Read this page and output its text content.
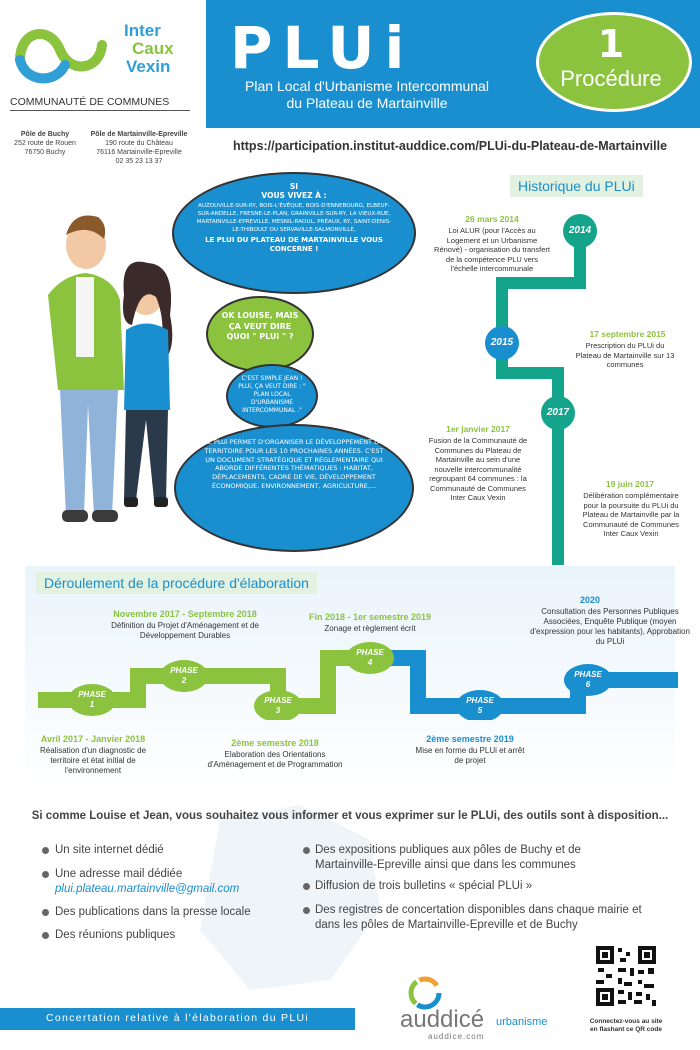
Inter
Caux
Vexin
COMMUNAUTÉ DE COMMUNES
Pôle de Buchy
252 route de Rouen
76750 Buchy
Pôle de Martainville-Epreville
190 route du Château
76116 Martainville-Epreville
02 35 23 13 37
PLUi
Plan Local d'Urbanisme Intercommunal
du Plateau de Martainville
1
Procédure
https://participation.institut-auddice.com/PLUi-du-Plateau-de-Martainville
SI
VOUS VIVEZ À :
AUZOUVILLE-SUR-RY, BOIS-L'ÉVÊQUE, BOIS-D'ENNEBOURG, ELBEUF-SUR-ANDELLE, FRESNE-LE-PLAN, GRAINVILLE-SUR-RY, LA VIEUX-RUE, MARTAINVILLE-EPREVILLE, MESNIL-RAOUL, PRÉAUX, RY, SAINT-DENIS-LE-THIBOULT OU SERVAVILLE-SALMONVILLE,
LE PLUI DU PLATEAU DE MARTAINVILLE VOUS CONCERNE !
OK LOUISE, MAIS ÇA VEUT DIRE QUOI " PLUi " ?
C'EST SIMPLE JEAN ! PLUi, ÇA VEUT DIRE : " PLAN LOCAL D'URBANISME INTERCOMMUNAL ."
LE PLUi PERMET D'ORGANISER LE DÉVELOPPEMENT DU TERRITOIRE POUR LES 10 PROCHAINES ANNÉES. C'EST UN DOCUMENT STRATÉGIQUE ET RÉGLEMENTAIRE QUI ABORDE DIFFÉRENTES THÉMATIQUES : HABITAT, DÉPLACEMENTS, CADRE DE VIE, DÉVELOPPEMENT ÉCONOMIQUE, ENVIRONNEMENT, AGRICULTURE,...
Historique du PLUi
2014
2015
2017
26 mars 2014
Loi ALUR (pour l'Accès au Logement et un Urbanisme Rénové) - organisation du transfert de la compétence PLU vers l'échelle intercommunale
17 septembre 2015
Prescription du PLUi du Plateau de Martainville sur 13 communes
1er janvier 2017
Fusion de la Communauté de Communes du Plateau de Martainville au sein d'une nouvelle intercommunalité regroupant 64 communes : la Communauté de Communes Inter Caux Vexin
19 juin 2017
Délibération complémentaire pour la poursuite du PLUi du Plateau de Martainville par la Communauté de Communes Inter Caux Vexin
Déroulement de la procédure d'élaboration
PHASE
1
PHASE
2
PHASE
3
PHASE
4
PHASE
5
PHASE
6
Avril 2017 - Janvier 2018
Réalisation d'un diagnostic de territoire et état initial de l'environnement
Novembre 2017 - Septembre 2018
Définition du Projet d'Aménagement et de Développement Durables
2ème semestre 2018
Elaboration des Orientations d'Aménagement et de Programmation
Fin 2018 - 1er semestre 2019
Zonage et règlement écrit
2ème semestre 2019
Mise en forme du PLUi et arrêt de projet
2020
Consultation des Personnes Publiques Associées, Enquête Publique (moyen d'expression pour les habitants), Approbation du PLUi
Si comme Louise et Jean, vous souhaitez vous informer et vous exprimer sur le PLUi, des outils sont à disposition...
Un site internet dédié
Une adresse mail dédiée
plui.plateau.martainville@gmail.com
Des publications dans la presse locale
Des réunions publiques
Des expositions publiques aux pôles de Buchy et de Martainville-Epreville ainsi que dans les communes
Diffusion de trois bulletins « spécial PLUi »
Des registres de concertation disponibles dans chaque mairie et dans les pôles de Martainville-Epreville et de Buchy
Concertation relative à l'élaboration du PLUi	auddicé urbanisme
auddice.com
Connectez-vous au site en flashant ce QR code
